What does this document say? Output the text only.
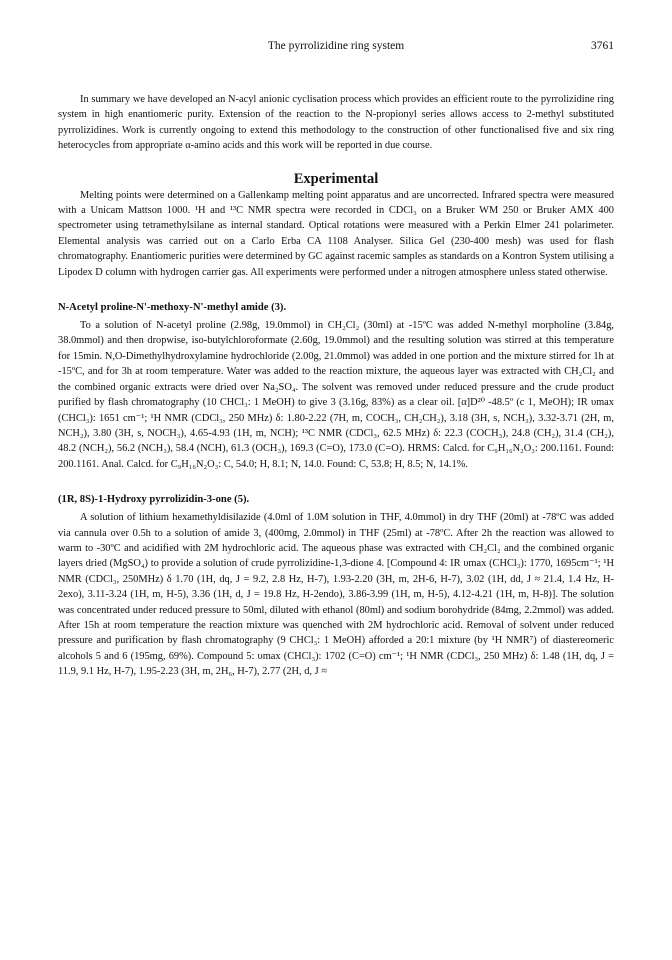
The pyrrolizidine ring system	3761

In summary we have developed an N-acyl anionic cyclisation process which provides an efficient route to the pyrrolizidine ring system in high enantiomeric purity. Extension of the reaction to the N-propionyl series allows access to 2-methyl substituted pyrrolizidines. Work is currently ongoing to extend this methodology to the construction of other functionalised five and six ring heterocycles from appropriate α-amino acids and this work will be reported in due course.

Experimental

Melting points were determined on a Gallenkamp melting point apparatus and are uncorrected. Infrared spectra were measured with a Unicam Mattson 1000. ¹H and ¹³C NMR spectra were recorded in CDCl₃ on a Bruker WM 250 or Bruker AMX 400 spectrometer using tetramethylsilane as internal standard. Optical rotations were measured with a Perkin Elmer 241 polarimeter. Elemental analysis was carried out on a Carlo Erba CA 1108 Analyser. Silica Gel (230-400 mesh) was used for flash chromatography. Enantiomeric purities were determined by GC against racemic samples as standards on a Kontron System utilising a Lipodex D column with hydrogen carrier gas. All experiments were performed under a nitrogen atmosphere unless stated otherwise.

N-Acetyl proline-N'-methoxy-N'-methyl amide (3).

To a solution of N-acetyl proline (2.98g, 19.0mmol) in CH₂Cl₂ (30ml) at -15ºC was added N-methyl morpholine (3.84g, 38.0mmol) and then dropwise, iso-butylchloroformate (2.60g, 19.0mmol) and the resulting solution was stirred at this temperature for 15min. N,O-Dimethylhydroxylamine hydrochloride (2.00g, 21.0mmol) was added in one portion and the mixture stirred for 1h at -15ºC, and for 3h at room temperature. Water was added to the reaction mixture, the aqueous layer was extracted with CH₂Cl₂ and the combined organic extracts were dried over Na₂SO₄. The solvent was removed under reduced pressure and the crude product purified by flash chromatography (10 CHCl₃: 1 MeOH) to give 3 (3.16g, 83%) as a clear oil. [α]D²⁰ -48.5º (c 1, MeOH); IR υmax (CHCl₃): 1651 cm⁻¹; ¹H NMR (CDCl₃, 250 MHz) δ: 1.80-2.22 (7H, m, COCH₃, CH₂CH₂), 3.18 (3H, s, NCH₃), 3.32-3.71 (2H, m, NCH₂), 3.80 (3H, s, NOCH₃), 4.65-4.93 (1H, m, NCH); ¹³C NMR (CDCl₃, 62.5 MHz) δ: 22.3 (COCH₃), 24.8 (CH₂), 31.4 (CH₂), 48.2 (NCH₂), 56.2 (NCH₃), 58.4 (NCH), 61.3 (OCH₃), 169.3 (C=O), 173.0 (C=O). HRMS: Calcd. for C₉H₁₆N₂O₃: 200.1161. Found: 200.1161. Anal. Calcd. for C₉H₁₆N₂O₃: C, 54.0; H, 8.1; N, 14.0. Found: C, 53.8; H, 8.5; N, 14.1%.

(1R, 8S)-1-Hydroxy pyrrolizidin-3-one (5).

A solution of lithium hexamethyldisilazide (4.0ml of 1.0M solution in THF, 4.0mmol) in dry THF (20ml) at -78ºC was added via cannula over 0.5h to a solution of amide 3, (400mg, 2.0mmol) in THF (25ml) at -78ºC. After 2h the reaction was allowed to warm to -30ºC and acidified with 2M hydrochloric acid. The aqueous phase was extracted with CH₂Cl₂ and the combined organic layers dried (MgSO₄) to provide a solution of crude pyrrolizidine-1,3-dione 4. [Compound 4: IR υmax (CHCl₃): 1770, 1695cm⁻¹; ¹H NMR (CDCl₃, 250MHz) δ 1.70 (1H, dq, J = 9.2, 2.8 Hz, H-7), 1.93-2.20 (3H, m, 2H-6, H-7), 3.02 (1H, dd, J ≈ 21.4, 1.4 Hz, H-2exo), 3.11-3.24 (1H, m, H-5), 3.36 (1H, d, J = 19.8 Hz, H-2endo), 3.86-3.99 (1H, m, H-5), 4.12-4.21 (1H, m, H-8)]. The solution was concentrated under reduced pressure to 50ml, diluted with ethanol (80ml) and sodium borohydride (84mg, 2.2mmol) was added. After 15h at room temperature the reaction mixture was quenched with 2M hydrochloric acid. Removal of solvent under reduced pressure and purification by flash chromatography (9 CHCl₃: 1 MeOH) afforded a 20:1 mixture (by ¹H NMR⁷) of diastereomeric alcohols 5 and 6 (195mg, 69%). Compound 5: υmax (CHCl₃): 1702 (C=O) cm⁻¹; ¹H NMR (CDCl₃, 250 MHz) δ: 1.48 (1H, dq, J = 11.9, 9.1 Hz, H-7), 1.95-2.23 (3H, m, 2H₆, H-7), 2.77 (2H, d, J ≈
